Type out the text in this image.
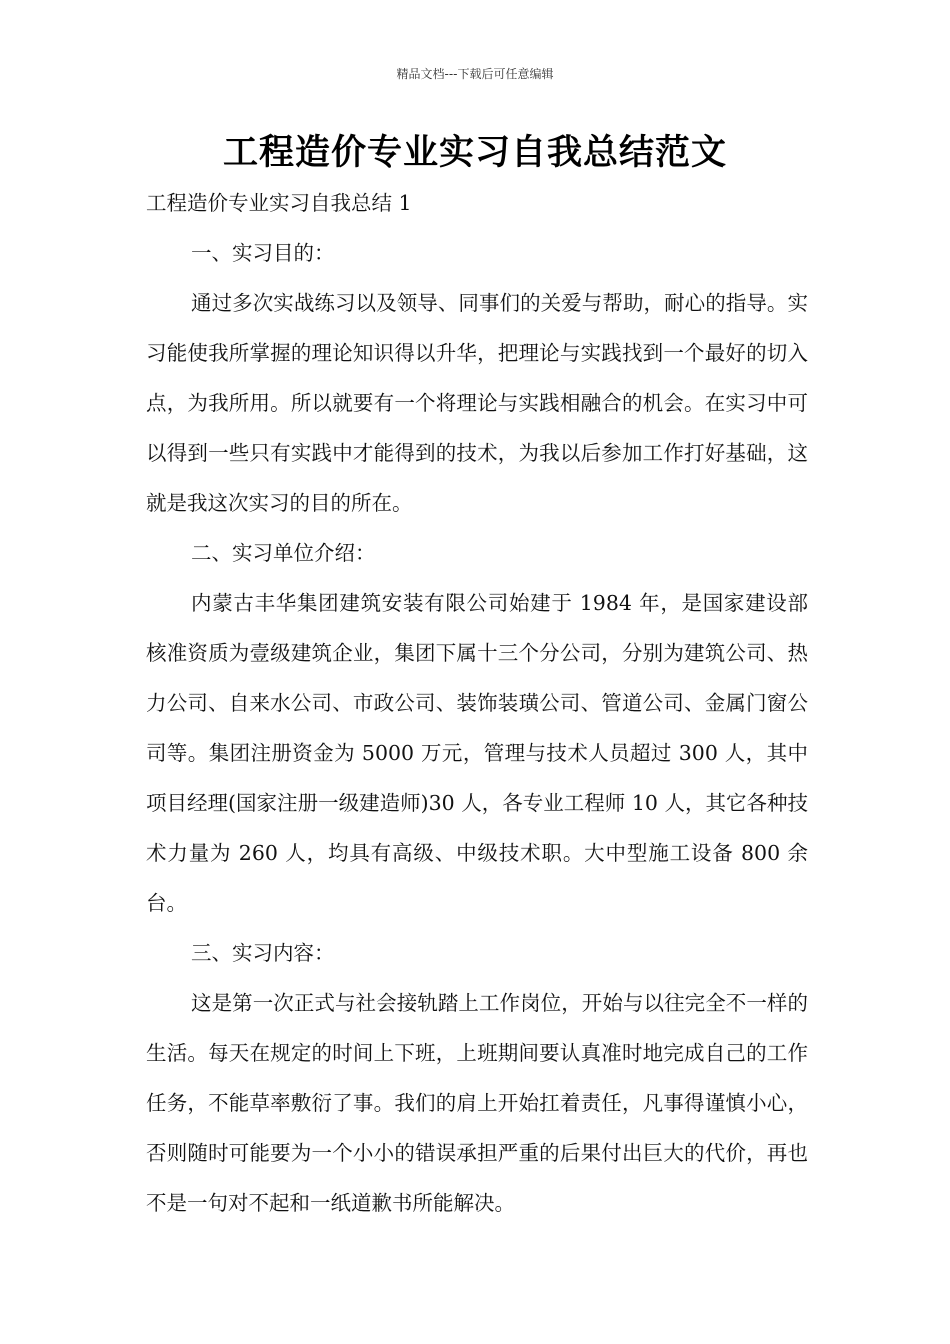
精品文档---下载后可任意编辑
工程造价专业实习自我总结范文

工程造价专业实习自我总结 1

一、实习目的：

通过多次实战练习以及领导、同事们的关爱与帮助，耐心的指导。实习能使我所掌握的理论知识得以升华，把理论与实践找到一个最好的切入点，为我所用。所以就要有一个将理论与实践相融合的机会。在实习中可以得到一些只有实践中才能得到的技术，为我以后参加工作打好基础，这就是我这次实习的目的所在。

二、实习单位介绍：

内蒙古丰华集团建筑安装有限公司始建于 1984 年，是国家建设部核准资质为壹级建筑企业，集团下属十三个分公司，分别为建筑公司、热力公司、自来水公司、市政公司、装饰装璜公司、管道公司、金属门窗公司等。集团注册资金为 5000 万元，管理与技术人员超过 300 人，其中项目经理(国家注册一级建造师)30 人，各专业工程师 10 人，其它各种技术力量为 260 人，均具有高级、中级技术职。大中型施工设备 800 余台。

三、实习内容：

这是第一次正式与社会接轨踏上工作岗位，开始与以往完全不一样的生活。每天在规定的时间上下班，上班期间要认真准时地完成自己的工作任务，不能草率敷衍了事。我们的肩上开始扛着责任，凡事得谨慎小心，否则随时可能要为一个小小的错误承担严重的后果付出巨大的代价，再也不是一句对不起和一纸道歉书所能解决。
